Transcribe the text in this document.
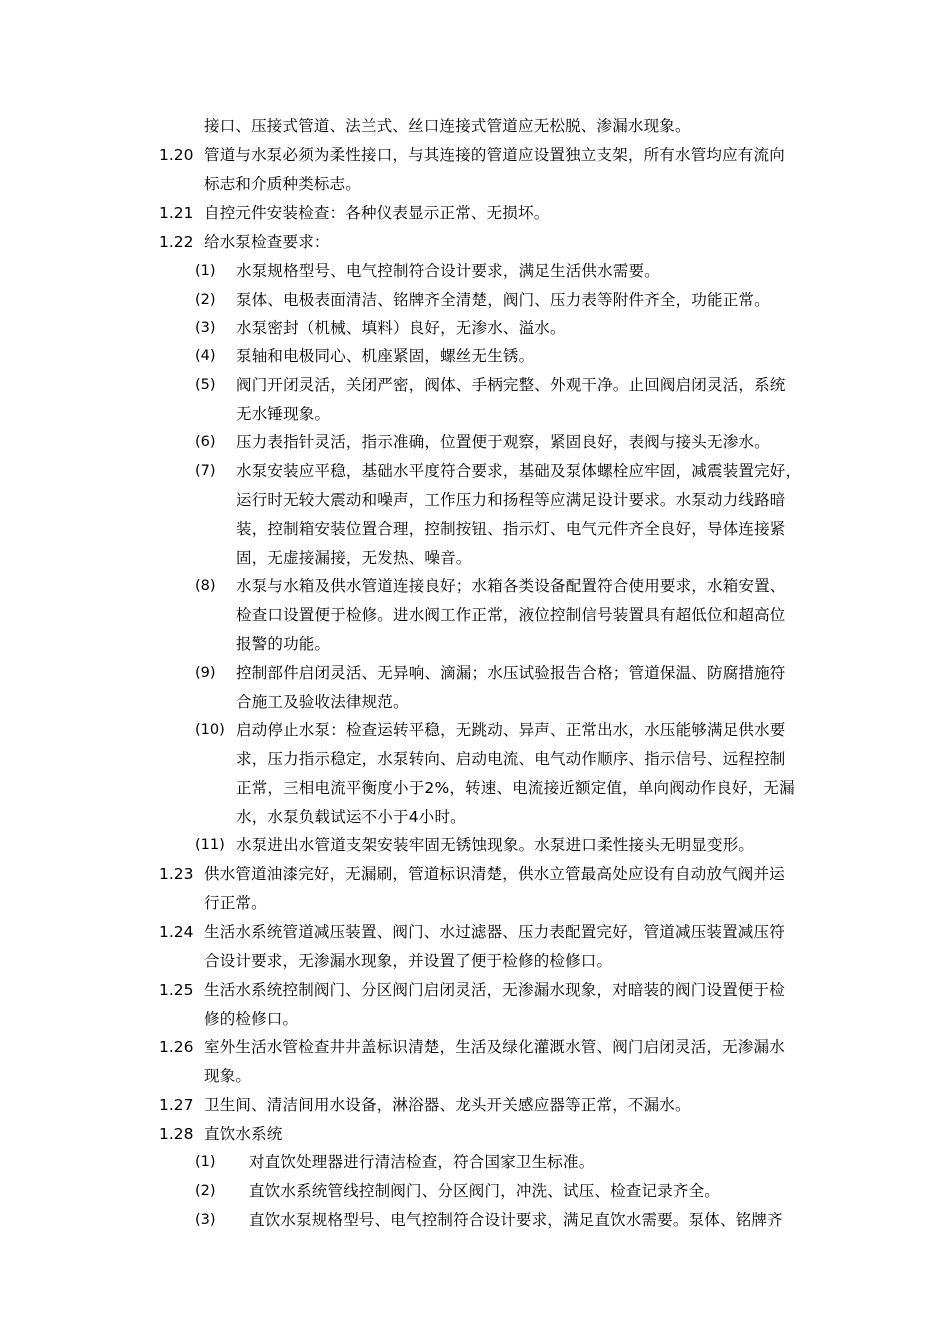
接口、压接式管道、法兰式、丝口连接式管道应无松脱、渗漏水现象。
1.20 管道与水泵必须为柔性接口，与其连接的管道应设置独立支架，所有水管均应有流向
标志和介质种类标志。
1.21 自控元件安装检查：各种仪表显示正常、无损坏。
1.22 给水泵检查要求：
(1) 水泵规格型号、电气控制符合设计要求，满足生活供水需要。
(2) 泵体、电极表面清洁、铭牌齐全清楚，阀门、压力表等附件齐全，功能正常。
(3) 水泵密封（机械、填料）良好，无渗水、溢水。
(4) 泵轴和电极同心、机座紧固，螺丝无生锈。
(5) 阀门开闭灵活，关闭严密，阀体、手柄完整、外观干净。止回阀启闭灵活，系统
无水锤现象。
(6) 压力表指针灵活，指示准确，位置便于观察，紧固良好，表阀与接头无渗水。
(7) 水泵安装应平稳，基础水平度符合要求，基础及泵体螺栓应牢固，减震装置完好，
运行时无较大震动和噪声，工作压力和扬程等应满足设计要求。水泵动力线路暗
装，控制箱安装位置合理，控制按钮、指示灯、电气元件齐全良好，导体连接紧
固，无虚接漏接，无发热、噪音。
(8) 水泵与水箱及供水管道连接良好；水箱各类设备配置符合使用要求，水箱安置、
检查口设置便于检修。进水阀工作正常，液位控制信号装置具有超低位和超高位
报警的功能。
(9) 控制部件启闭灵活、无异响、滴漏；水压试验报告合格；管道保温、防腐措施符
合施工及验收法律规范。
(10) 启动停止水泵：检查运转平稳，无跳动、异声、正常出水，水压能够满足供水要
求，压力指示稳定，水泵转向、启动电流、电气动作顺序、指示信号、远程控制
正常，三相电流平衡度小于2%，转速、电流接近额定值，单向阀动作良好，无漏
水，水泵负载试运不小于4小时。
(11) 水泵进出水管道支架安装牢固无锈蚀现象。水泵进口柔性接头无明显变形。
1.23 供水管道油漆完好，无漏刷，管道标识清楚，供水立管最高处应设有自动放气阀并运
行正常。
1.24 生活水系统管道减压装置、阀门、水过滤器、压力表配置完好，管道减压装置减压符
合设计要求，无渗漏水现象，并设置了便于检修的检修口。
1.25 生活水系统控制阀门、分区阀门启闭灵活，无渗漏水现象，对暗装的阀门设置便于检
修的检修口。
1.26 室外生活水管检查井井盖标识清楚，生活及绿化灌溉水管、阀门启闭灵活，无渗漏水
现象。
1.27 卫生间、清洁间用水设备，淋浴器、龙头开关感应器等正常，不漏水。
1.28 直饮水系统
(1) 对直饮处理器进行清洁检查，符合国家卫生标准。
(2) 直饮水系统管线控制阀门、分区阀门，冲洗、试压、检查记录齐全。
(3) 直饮水泵规格型号、电气控制符合设计要求，满足直饮水需要。泵体、铭牌齐
